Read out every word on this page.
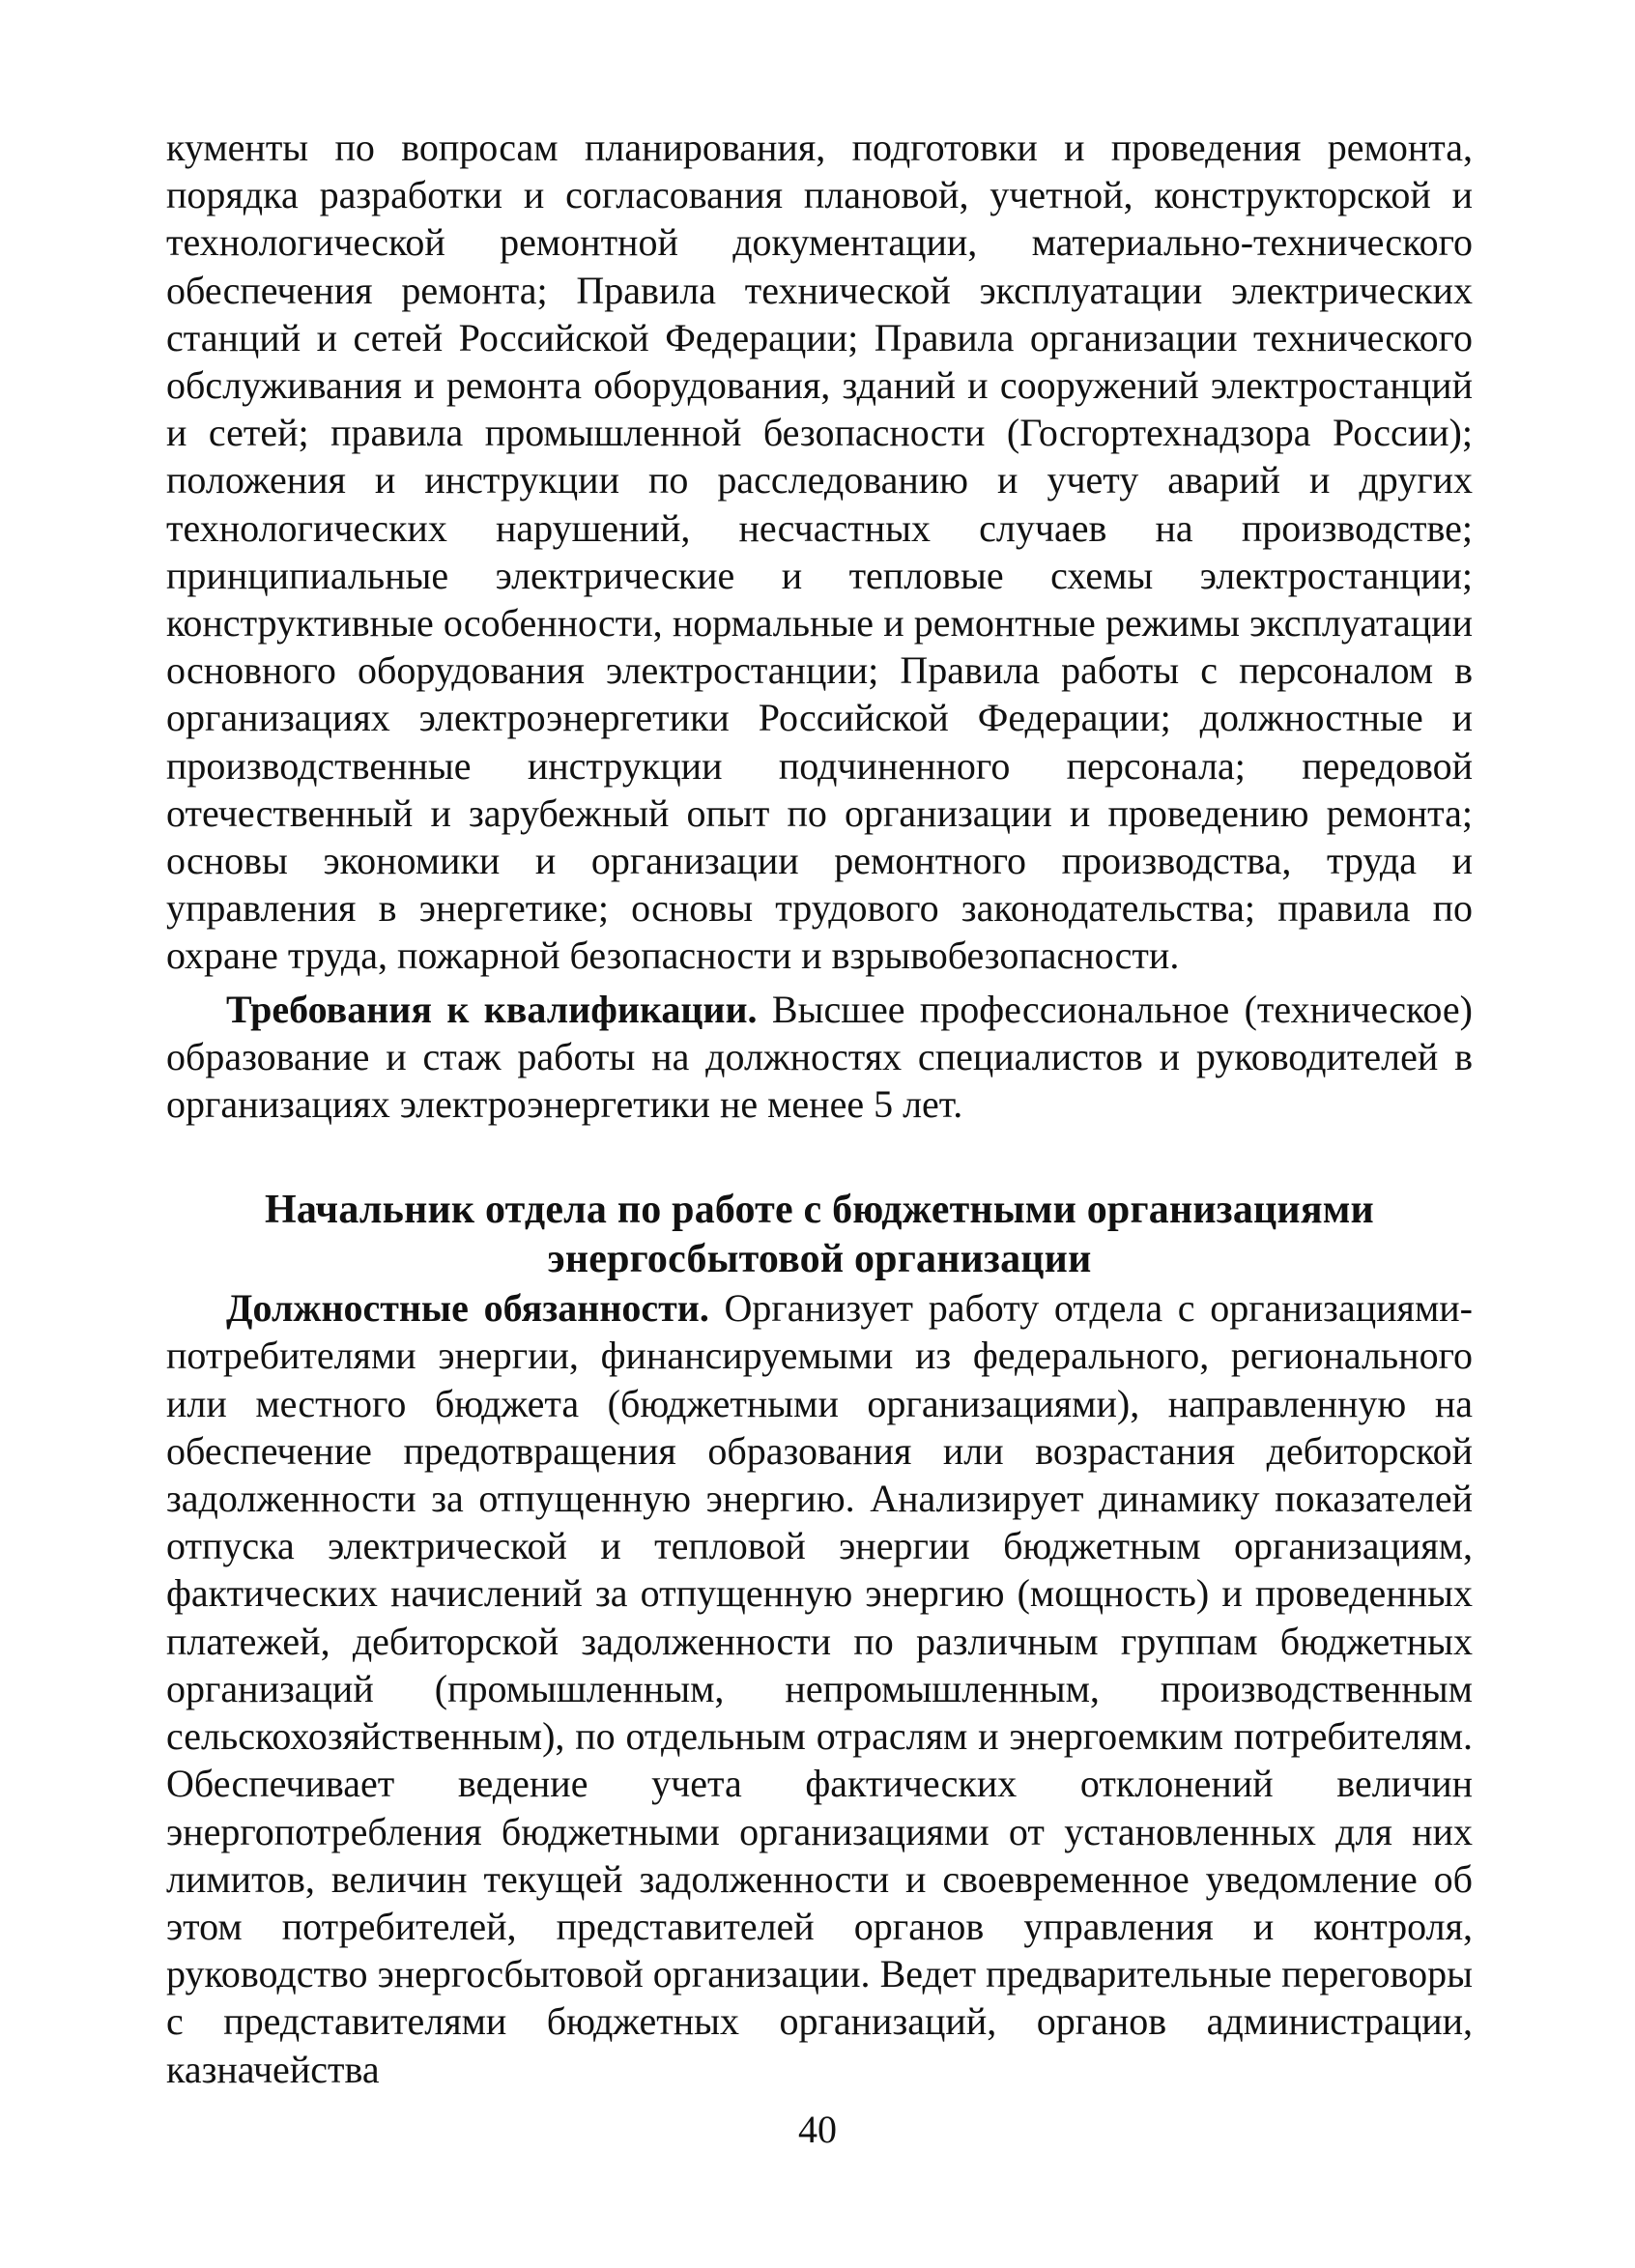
кументы по вопросам планирования, подготовки и проведения ремонта, порядка разработки и согласования плановой, учетной, конструкторской и технологической ремонтной документации, материально-технического обеспечения ремонта; Правила технической эксплуатации электрических станций и сетей Российской Федерации; Правила организации технического обслуживания и ремонта оборудования, зданий и сооружений электростанций и сетей; правила промышленной безопасности (Госгортехнадзора России); положения и инструкции по расследованию и учету аварий и других технологических нарушений, несчастных случаев на производстве; принципиальные электрические и тепловые схемы электростанции; конструктивные особенности, нормальные и ремонтные режимы эксплуатации основного оборудования электростанции; Правила работы с персоналом в организациях электроэнергетики Российской Федерации; должностные и производственные инструкции подчиненного персонала; передовой отечественный и зарубежный опыт по организации и проведению ремонта; основы экономики и организации ремонтного производства, труда и управления в энергетике; основы трудового законодательства; правила по охране труда, пожарной безопасности и взрывобезопасности.

Требования к квалификации. Высшее профессиональное (техническое) образование и стаж работы на должностях специалистов и руководителей в организациях электроэнергетики не менее 5 лет.

Начальник отдела по работе с бюджетными организациями
энергосбытовой организации

Должностные обязанности. Организует работу отдела с организациями-потребителями энергии, финансируемыми из федерального, регионального или местного бюджета (бюджетными организациями), направленную на обеспечение предотвращения образования или возрастания дебиторской задолженности за отпущенную энергию. Анализирует динамику показателей отпуска электрической и тепловой энергии бюджетным организациям, фактических начислений за отпущенную энергию (мощность) и проведенных платежей, дебиторской задолженности по различным группам бюджетных организаций (промышленным, непромышленным, производственным сельскохозяйственным), по отдельным отраслям и энергоемким потребителям. Обеспечивает ведение учета фактических отклонений величин энергопотребления бюджетными организациями от установленных для них лимитов, величин текущей задолженности и своевременное уведомление об этом потребителей, представителей органов управления и контроля, руководство энергосбытовой организации. Ведет предварительные переговоры с представителями бюджетных организаций, органов администрации, казначейства

40
